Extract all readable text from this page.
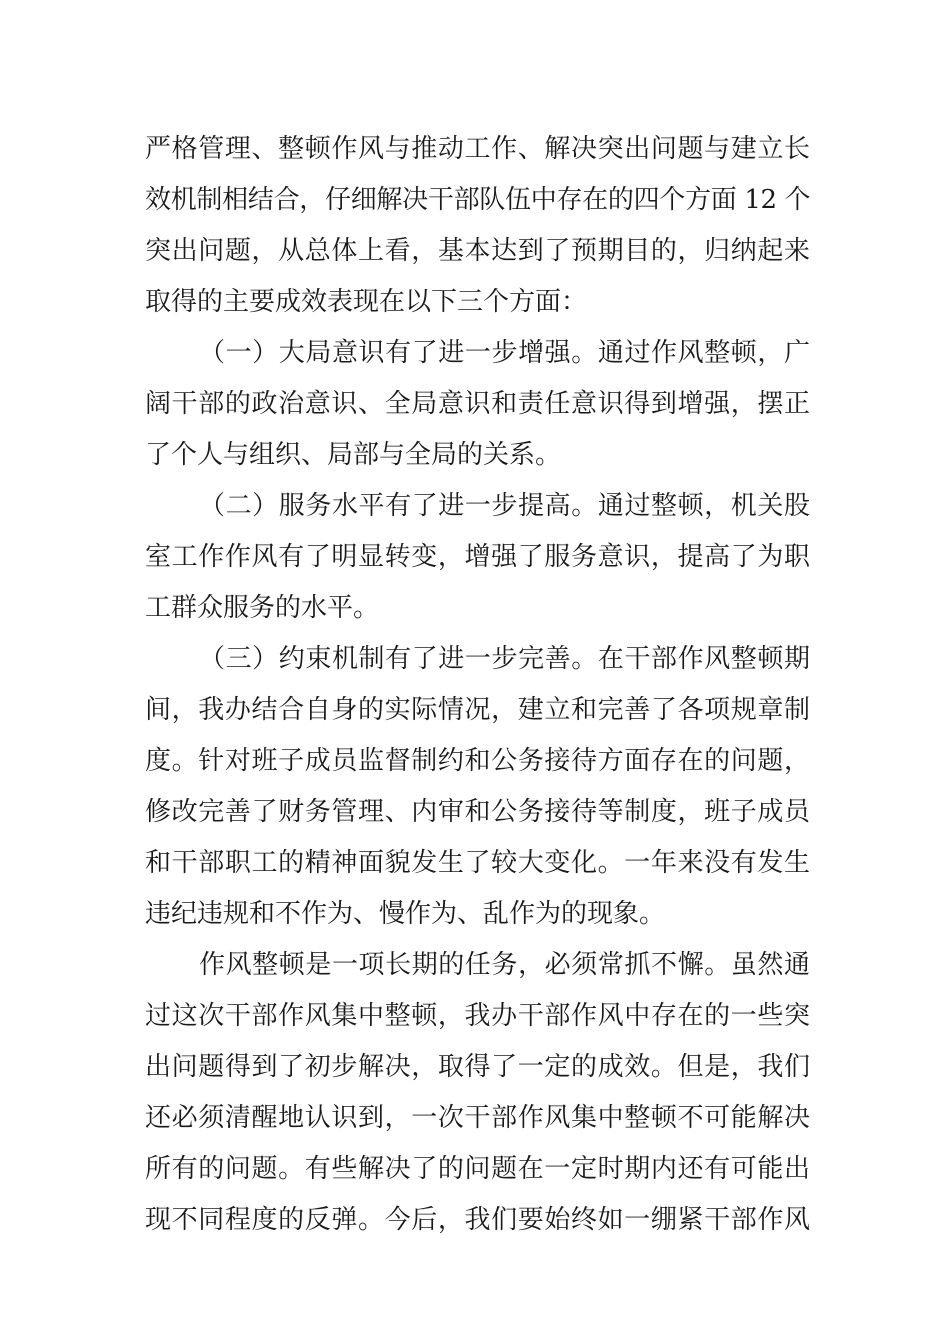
严格管理、整顿作风与推动工作、解决突出问题与建立长
效机制相结合，仔细解决干部队伍中存在的四个方面 12 个
突出问题，从总体上看，基本达到了预期目的，归纳起来
取得的主要成效表现在以下三个方面：
（一）大局意识有了进一步增强。通过作风整顿，广
阔干部的政治意识、全局意识和责任意识得到增强，摆正
了个人与组织、局部与全局的关系。
（二）服务水平有了进一步提高。通过整顿，机关股
室工作作风有了明显转变，增强了服务意识，提高了为职
工群众服务的水平。
（三）约束机制有了进一步完善。在干部作风整顿期
间，我办结合自身的实际情况，建立和完善了各项规章制
度。针对班子成员监督制约和公务接待方面存在的问题，
修改完善了财务管理、内审和公务接待等制度，班子成员
和干部职工的精神面貌发生了较大变化。一年来没有发生
违纪违规和不作为、慢作为、乱作为的现象。
作风整顿是一项长期的任务，必须常抓不懈。虽然通
过这次干部作风集中整顿，我办干部作风中存在的一些突
出问题得到了初步解决，取得了一定的成效。但是，我们
还必须清醒地认识到，一次干部作风集中整顿不可能解决
所有的问题。有些解决了的问题在一定时期内还有可能出
现不同程度的反弹。今后，我们要始终如一绷紧干部作风
